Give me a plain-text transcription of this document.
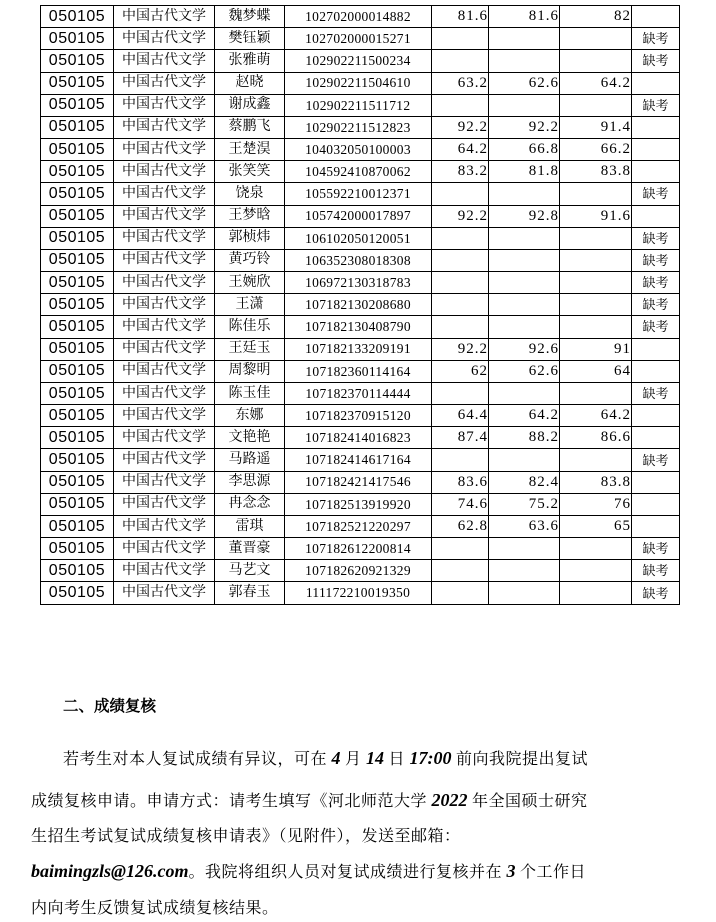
050105	中国古代文学	魏梦蝶	102702000014882	81.6	81.6	82	
050105	中国古代文学	樊钰颖	102702000015271				缺考
050105	中国古代文学	张雅萌	102902211500234				缺考
050105	中国古代文学	赵晓	102902211504610	63.2	62.6	64.2	
050105	中国古代文学	谢成鑫	102902211511712				缺考
050105	中国古代文学	蔡鹏飞	102902211512823	92.2	92.2	91.4	
050105	中国古代文学	王楚淏	104032050100003	64.2	66.8	66.2	
050105	中国古代文学	张笑笑	104592410870062	83.2	81.8	83.8	
050105	中国古代文学	饶泉	105592210012371				缺考
050105	中国古代文学	王梦晗	105742000017897	92.2	92.8	91.6	
050105	中国古代文学	郭桢炜	106102050120051				缺考
050105	中国古代文学	黄巧铃	106352308018308				缺考
050105	中国古代文学	王婉欣	106972130318783				缺考
050105	中国古代文学	王潇	107182130208680				缺考
050105	中国古代文学	陈佳乐	107182130408790				缺考
050105	中国古代文学	王廷玉	107182133209191	92.2	92.6	91	
050105	中国古代文学	周黎明	107182360114164	62	62.6	64	
050105	中国古代文学	陈玉佳	107182370114444				缺考
050105	中国古代文学	东娜	107182370915120	64.4	64.2	64.2	
050105	中国古代文学	文艳艳	107182414016823	87.4	88.2	86.6	
050105	中国古代文学	马路遥	107182414617164				缺考
050105	中国古代文学	李思源	107182421417546	83.6	82.4	83.8	
050105	中国古代文学	冉念念	107182513919920	74.6	75.2	76	
050105	中国古代文学	雷琪	107182521220297	62.8	63.6	65	
050105	中国古代文学	董晋豪	107182612200814				缺考
050105	中国古代文学	马艺文	107182620921329				缺考
050105	中国古代文学	郭春玉	111172210019350				缺考
二、成绩复核
若考生对本人复试成绩有异议，可在 4 月 14 日 17:00 前向我院提出复试
成绩复核申请。申请方式：请考生填写《河北师范大学 2022 年全国硕士研究
生招生考试复试成绩复核申请表》（见附件），发送至邮箱：
baimingzls@126.com。我院将组织人员对复试成绩进行复核并在 3 个工作日
内向考生反馈复试成绩复核结果。
